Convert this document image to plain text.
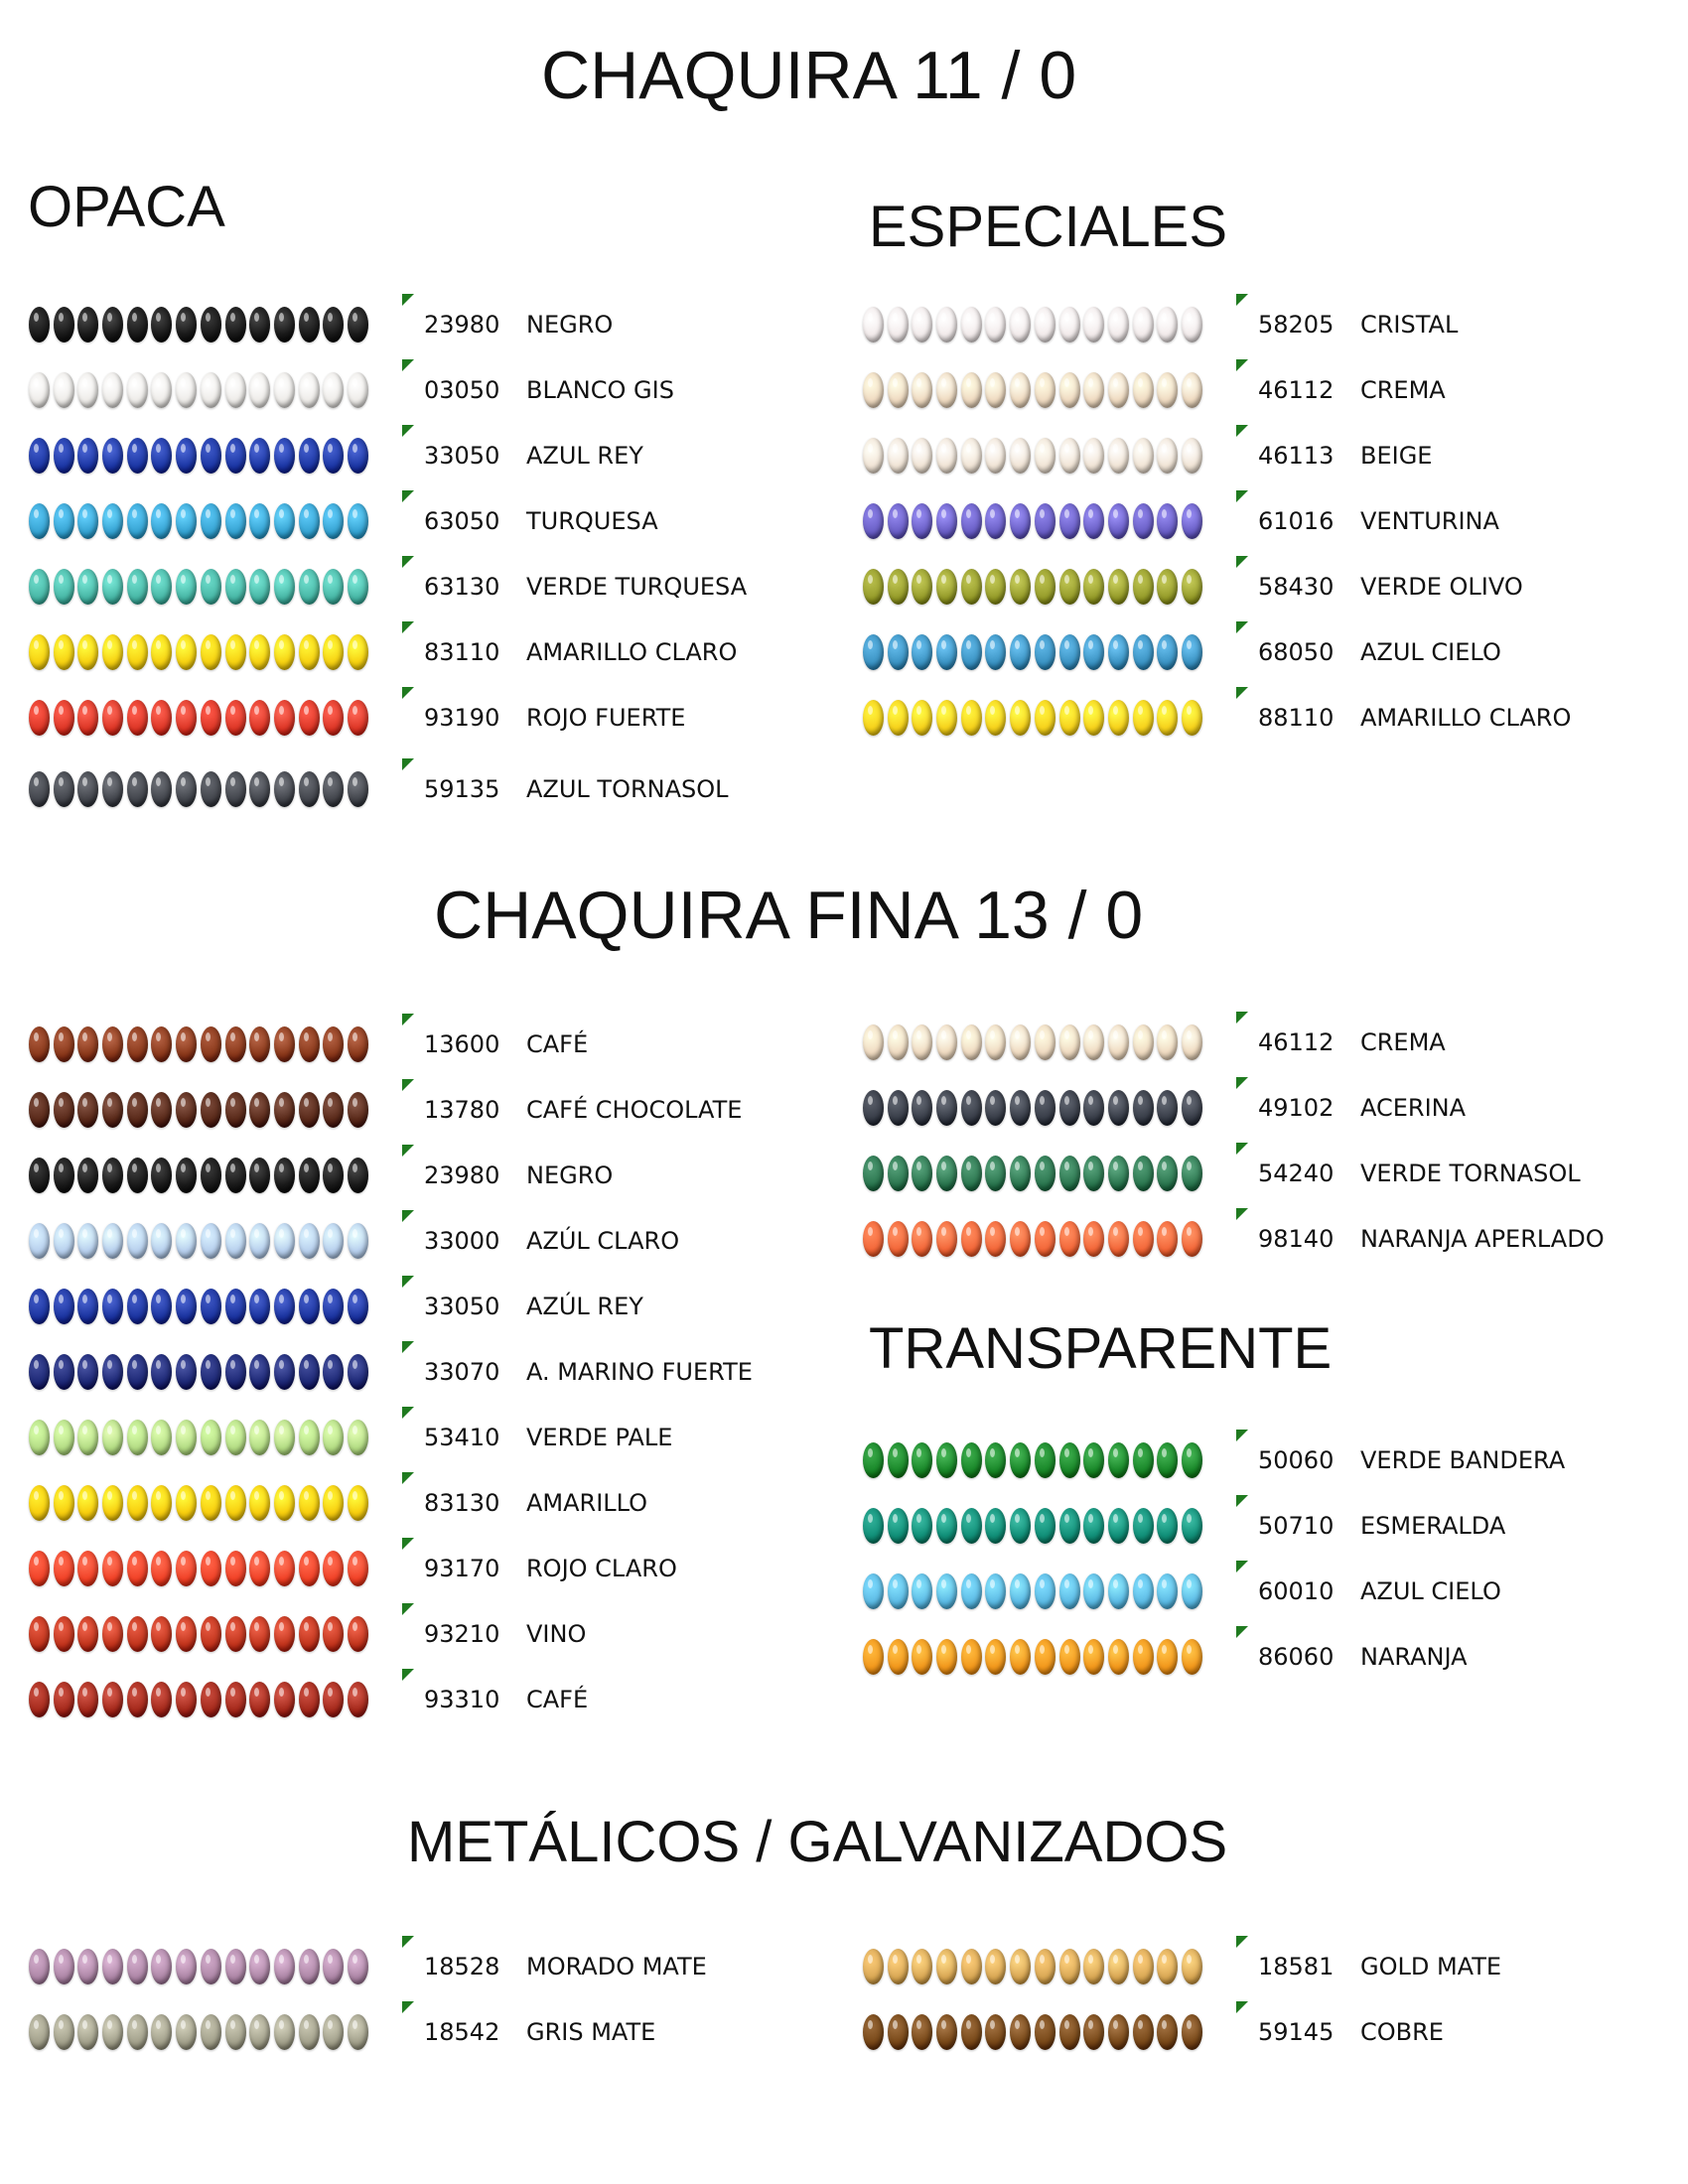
CHAQUIRA 11 / 0
OPACA	ESPECIALES
CHAQUIRA FINA 13 / 0
TRANSPARENTE
METÁLICOS / GALVANIZADOS
23980 NEGRO
03050 BLANCO GIS
33050 AZUL REY
63050 TURQUESA
63130 VERDE TURQUESA
83110 AMARILLO CLARO
93190 ROJO FUERTE
59135 AZUL TORNASOL
58205 CRISTAL
46112 CREMA
46113 BEIGE
61016 VENTURINA
58430 VERDE OLIVO
68050 AZUL CIELO
88110 AMARILLO CLARO
13600 CAFÉ
13780 CAFÉ CHOCOLATE
23980 NEGRO
33000 AZÚL CLARO
33050 AZÚL REY
33070 A. MARINO FUERTE
53410 VERDE PALE
83130 AMARILLO
93170 ROJO CLARO
93210 VINO
93310 CAFÉ
46112 CREMA
49102 ACERINA
54240 VERDE TORNASOL
98140 NARANJA APERLADO
50060 VERDE BANDERA
50710 ESMERALDA
60010 AZUL CIELO
86060 NARANJA
18528 MORADO MATE
18542 GRIS MATE
18581 GOLD MATE
59145 COBRE
